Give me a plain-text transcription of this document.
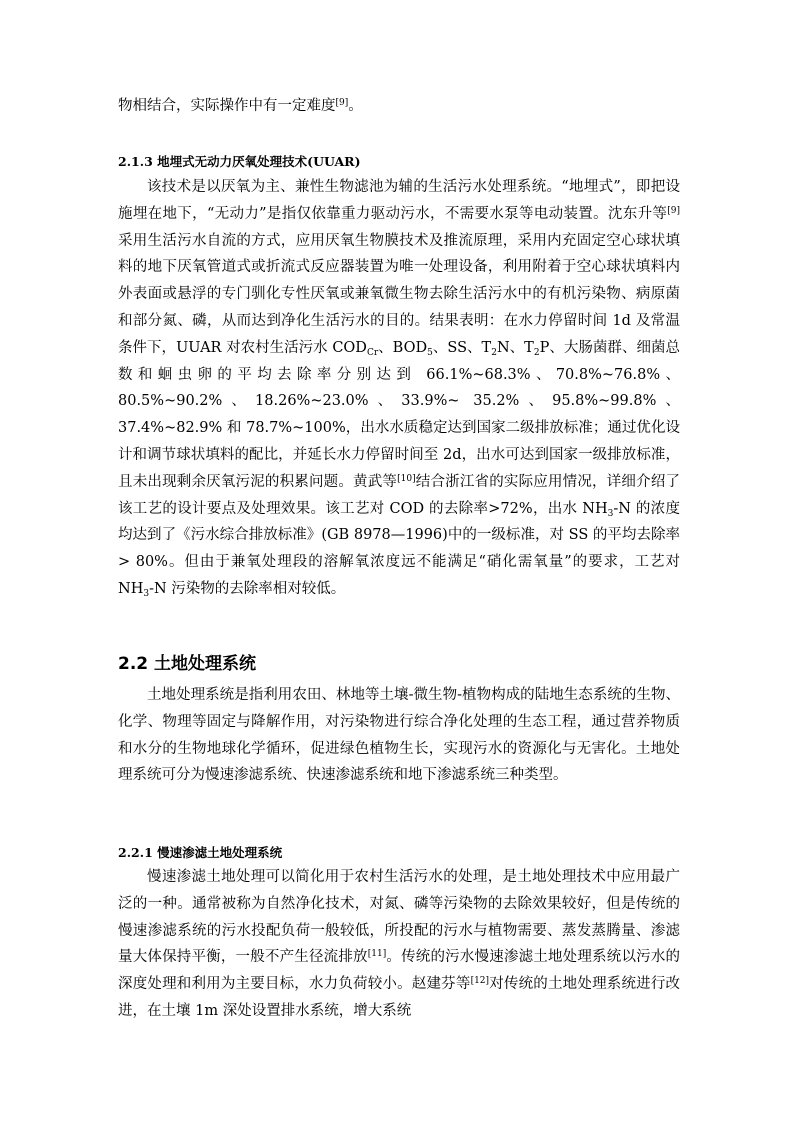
物相结合，实际操作中有一定难度[9]。

2.1.3 地埋式无动力厌氧处理技术(UUAR)

该技术是以厌氧为主、兼性生物滤池为辅的生活污水处理系统。“地埋式”，即把设施埋在地下，“无动力”是指仅依靠重力驱动污水，不需要水泵等电动装置。沈东升等[9]采用生活污水自流的方式，应用厌氧生物膜技术及推流原理，采用内充固定空心球状填料的地下厌氧管道式或折流式反应器装置为唯一处理设备，利用附着于空心球状填料内外表面或悬浮的专门驯化专性厌氧或兼氧微生物去除生活污水中的有机污染物、病原菌和部分氮、磷，从而达到净化生活污水的目的。结果表明：在水力停留时间 1d 及常温条件下，UUAR 对农村生活污水 $COD_{Cr}$、$BOD_5$、SS、$T_2N$、$T_2P$、大肠菌群、细菌总数和蛔虫卵的平均去除率分别达到 66.1%~68.3%、70.8%~76.8%、80.5%~90.2%、18.26%~23.0%、33.9%~ 35.2%、95.8%~99.8%、37.4%~82.9% 和 78.7%~100%，出水水质稳定达到国家二级排放标准；通过优化设计和调节球状填料的配比，并延长水力停留时间至 2d，出水可达到国家一级排放标准，且未出现剩余厌氧污泥的积累问题。黄武等[10]结合浙江省的实际应用情况，详细介绍了该工艺的设计要点及处理效果。该工艺对 COD 的去除率>72%，出水 $NH_3-N$ 的浓度均达到了《污水综合排放标准》(GB 8978—1996)中的一级标准，对 SS 的平均去除率> 80%。但由于兼氧处理段的溶解氧浓度远不能满足“硝化需氧量”的要求，工艺对 $NH_3-N$ 污染物的去除率相对较低。

2.2 土地处理系统

土地处理系统是指利用农田、林地等土壤-微生物-植物构成的陆地生态系统的生物、化学、物理等固定与降解作用，对污染物进行综合净化处理的生态工程，通过营养物质和水分的生物地球化学循环，促进绿色植物生长，实现污水的资源化与无害化。土地处理系统可分为慢速渗滤系统、快速渗滤系统和地下渗滤系统三种类型。

2.2.1 慢速渗滤土地处理系统

慢速渗滤土地处理可以简化用于农村生活污水的处理，是土地处理技术中应用最广泛的一种。通常被称为自然净化技术，对氮、磷等污染物的去除效果较好，但是传统的慢速渗滤系统的污水投配负荷一般较低，所投配的污水与植物需要、蒸发蒸腾量、渗滤量大体保持平衡，一般不产生径流排放[11]。传统的污水慢速渗滤土地处理系统以污水的深度处理和利用为主要目标，水力负荷较小。赵建芬等[12]对传统的土地处理系统进行改进，在土壤 1m 深处设置排水系统，增大系统
